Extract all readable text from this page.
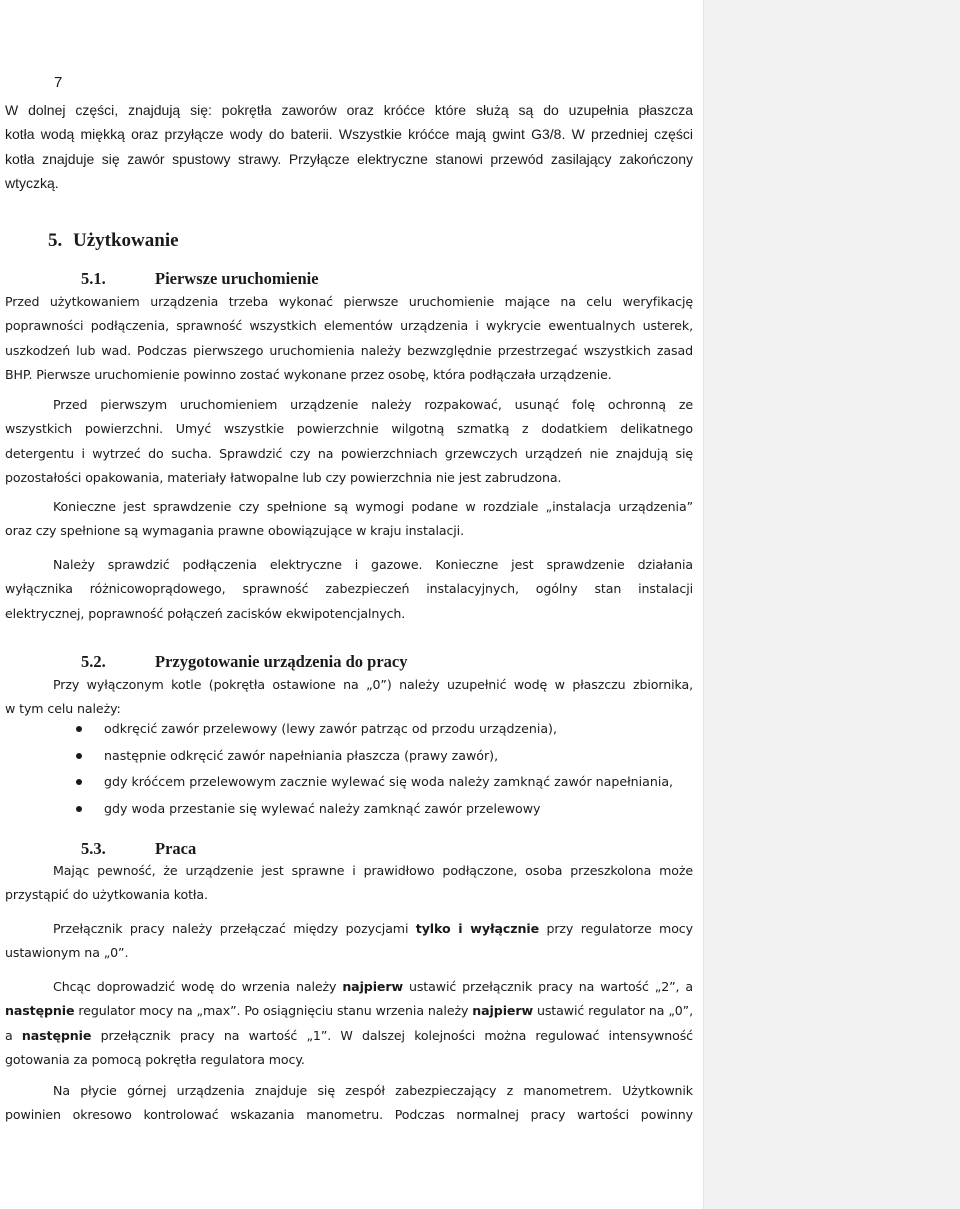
7
W dolnej części, znajdują się: pokrętła zaworów oraz króćce które służą są do uzupełnia płaszcza
kotła wodą miękką oraz przyłącze wody do baterii. Wszystkie króćce mają gwint G3/8. W przedniej części
kotła znajduje się zawór spustowy strawy. Przyłącze elektryczne stanowi przewód zasilający zakończony
wtyczką.
5. Użytkowanie
5.1.	Pierwsze uruchomienie
Przed użytkowaniem urządzenia trzeba wykonać pierwsze uruchomienie mające na celu weryfikację
poprawności podłączenia, sprawność wszystkich elementów urządzenia i wykrycie ewentualnych usterek,
uszkodzeń lub wad. Podczas pierwszego uruchomienia należy bezwzględnie przestrzegać wszystkich zasad
BHP. Pierwsze uruchomienie powinno zostać wykonane przez osobę, która podłączała urządzenie.
Przed pierwszym uruchomieniem urządzenie należy rozpakować, usunąć folę ochronną ze
wszystkich powierzchni. Umyć wszystkie powierzchnie wilgotną szmatką z dodatkiem delikatnego
detergentu i wytrzeć do sucha. Sprawdzić czy na powierzchniach grzewczych urządzeń nie znajdują się
pozostałości opakowania, materiały łatwopalne lub czy powierzchnia nie jest zabrudzona.
Konieczne jest sprawdzenie czy spełnione są wymogi podane w rozdziale „instalacja urządzenia”
oraz czy spełnione są wymagania prawne obowiązujące w kraju instalacji.
Należy sprawdzić podłączenia elektryczne i gazowe. Konieczne jest sprawdzenie działania
wyłącznika różnicowoprądowego, sprawność zabezpieczeń instalacyjnych, ogólny stan instalacji
elektrycznej, poprawność połączeń zacisków ekwipotencjalnych.
5.2.	Przygotowanie urządzenia do pracy
Przy wyłączonym kotle (pokrętła ostawione na „0”) należy uzupełnić wodę w płaszczu zbiornika,
w tym celu należy:
odkręcić zawór przelewowy (lewy zawór patrząc od przodu urządzenia),
następnie odkręcić zawór napełniania płaszcza (prawy zawór),
gdy króćcem przelewowym zacznie wylewać się woda należy zamknąć zawór napełniania,
gdy woda przestanie się wylewać należy zamknąć zawór przelewowy
5.3.	Praca
Mając pewność, że urządzenie jest sprawne i prawidłowo podłączone, osoba przeszkolona może
przystąpić do użytkowania kotła.
Przełącznik pracy należy przełączać między pozycjami tylko i wyłącznie przy regulatorze mocy
ustawionym na „0”.
Chcąc doprowadzić wodę do wrzenia należy najpierw ustawić przełącznik pracy na wartość „2”, a
następnie regulator mocy na „max”. Po osiągnięciu stanu wrzenia należy najpierw ustawić regulator na „0”,
a następnie przełącznik pracy na wartość „1”. W dalszej kolejności można regulować intensywność
gotowania za pomocą pokrętła regulatora mocy.
Na płycie górnej urządzenia znajduje się zespół zabezpieczający z manometrem. Użytkownik
powinien okresowo kontrolować wskazania manometru. Podczas normalnej pracy wartości powinny
